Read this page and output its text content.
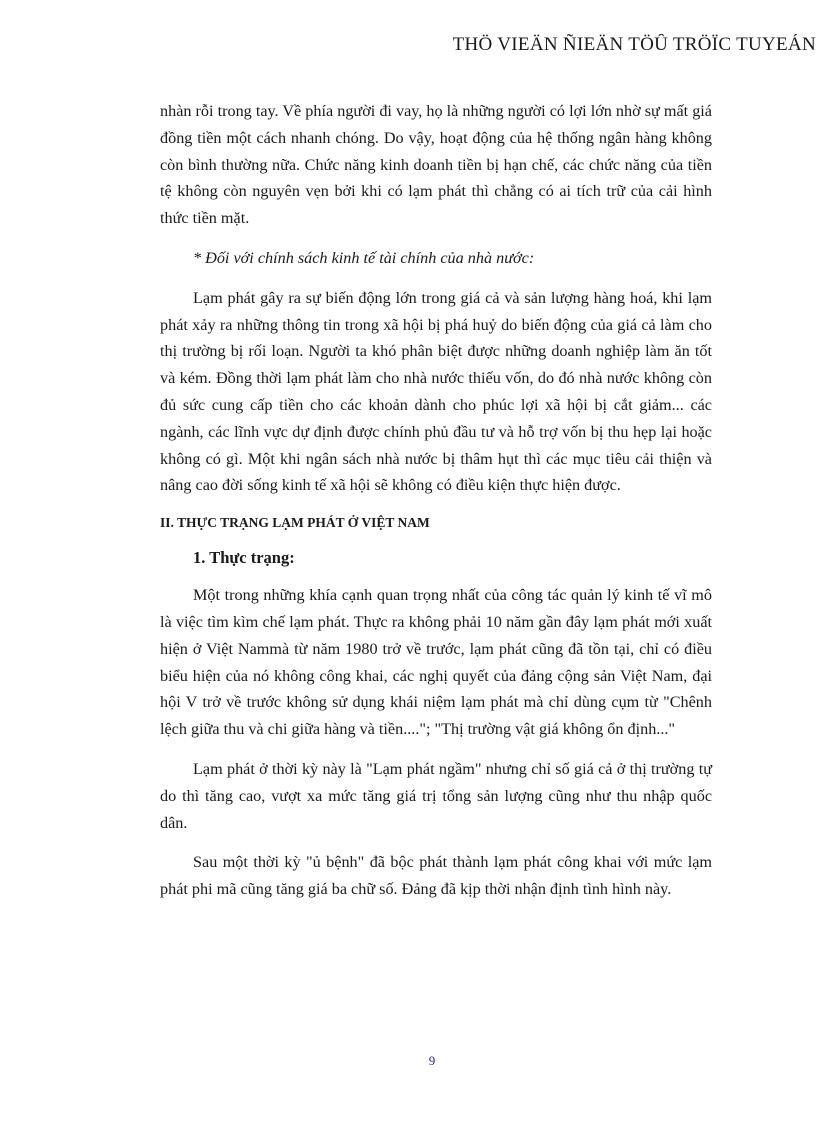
THÖ VIEÄN ÑIEÄN TÖÛ TRÖÏC TUYEÁN

nhàn rỗi trong tay. Về phía người đi vay, họ là những người có lợi lớn nhờ sự mất giá đồng tiền một cách nhanh chóng. Do vậy, hoạt động của hệ thống ngân hàng không còn bình thường nữa. Chức năng kinh doanh tiền bị hạn chế, các chức năng của tiền tệ không còn nguyên vẹn bởi khi có lạm phát thì chẳng có ai tích trữ của cải hình thức tiền mặt.

* Đối với chính sách kinh tế tài chính của nhà nước:

Lạm phát gây ra sự biến động lớn trong giá cả và sản lượng hàng hoá, khi lạm phát xảy ra những thông tin trong xã hội bị phá huỷ do biến động của giá cả làm cho thị trường bị rối loạn. Người ta khó phân biệt được những doanh nghiệp làm ăn tốt và kém. Đồng thời lạm phát làm cho nhà nước thiếu vốn, do đó nhà nước không còn đủ sức cung cấp tiền cho các khoản dành cho phúc lợi xã hội bị cắt giảm... các ngành, các lĩnh vực dự định được chính phủ đầu tư và hỗ trợ vốn bị thu hẹp lại hoặc không có gì. Một khi ngân sách nhà nước bị thâm hụt thì các mục tiêu cải thiện và nâng cao đời sống kinh tế xã hội sẽ không có điều kiện thực hiện được.

II. THỰC TRẠNG LẠM PHÁT Ở VIỆT NAM
1. Thực trạng:

Một trong những khía cạnh quan trọng nhất của công tác quản lý kinh tế vĩ mô là việc tìm kìm chế lạm phát. Thực ra không phải 10 năm gần đây lạm phát mới xuất hiện ở Việt Nammà từ năm 1980 trở về trước, lạm phát cũng đã tồn tại, chỉ có điều biểu hiện của nó không công khai, các nghị quyết của đảng cộng sản Việt Nam, đại hội V trở về trước không sử dụng khái niệm lạm phát mà chỉ dùng cụm từ "Chênh lệch giữa thu và chi giữa hàng và tiền...."; "Thị trường vật giá không ổn định..."

Lạm phát ở thời kỳ này là "Lạm phát ngầm" nhưng chỉ số giá cả ở thị trường tự do thì tăng cao, vượt xa mức tăng giá trị tổng sản lượng cũng như thu nhập quốc dân.

Sau một thời kỳ "ủ bệnh" đã bộc phát thành lạm phát công khai với mức lạm phát phi mã cũng tăng giá ba chữ số. Đảng đã kịp thời nhận định tình hình này.

9
